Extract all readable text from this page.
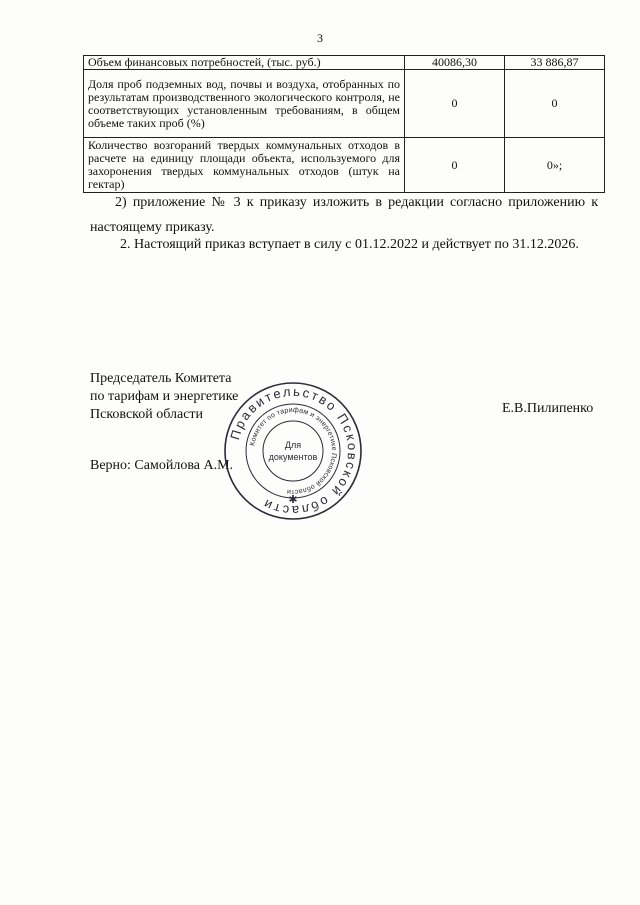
3
Объем финансовых потребностей, (тыс. руб.)	40086,30	33 886,87
Доля проб подземных вод, почвы и воздуха, отобранных по результатам производственного экологического контроля, не соответствующих установленным требованиям, в общем объеме таких проб (%)	0	0
Количество возгораний твердых коммунальных отходов в расчете на единицу площади объекта, используемого для захоронения твердых коммунальных отходов (штук на гектар)	0	0»;
2) приложение № 3 к приказу изложить в редакции согласно приложению к настоящему приказу.
2. Настоящий приказ вступает в силу с 01.12.2022 и действует по 31.12.2026.
Председатель Комитета
по тарифам и энергетике
Псковской области	Е.В.Пилипенко
Верно: Самойлова А.М.
Правительство Псковской области
Комитет по тарифам и энергетике Псковской области
Для
документов
✱
